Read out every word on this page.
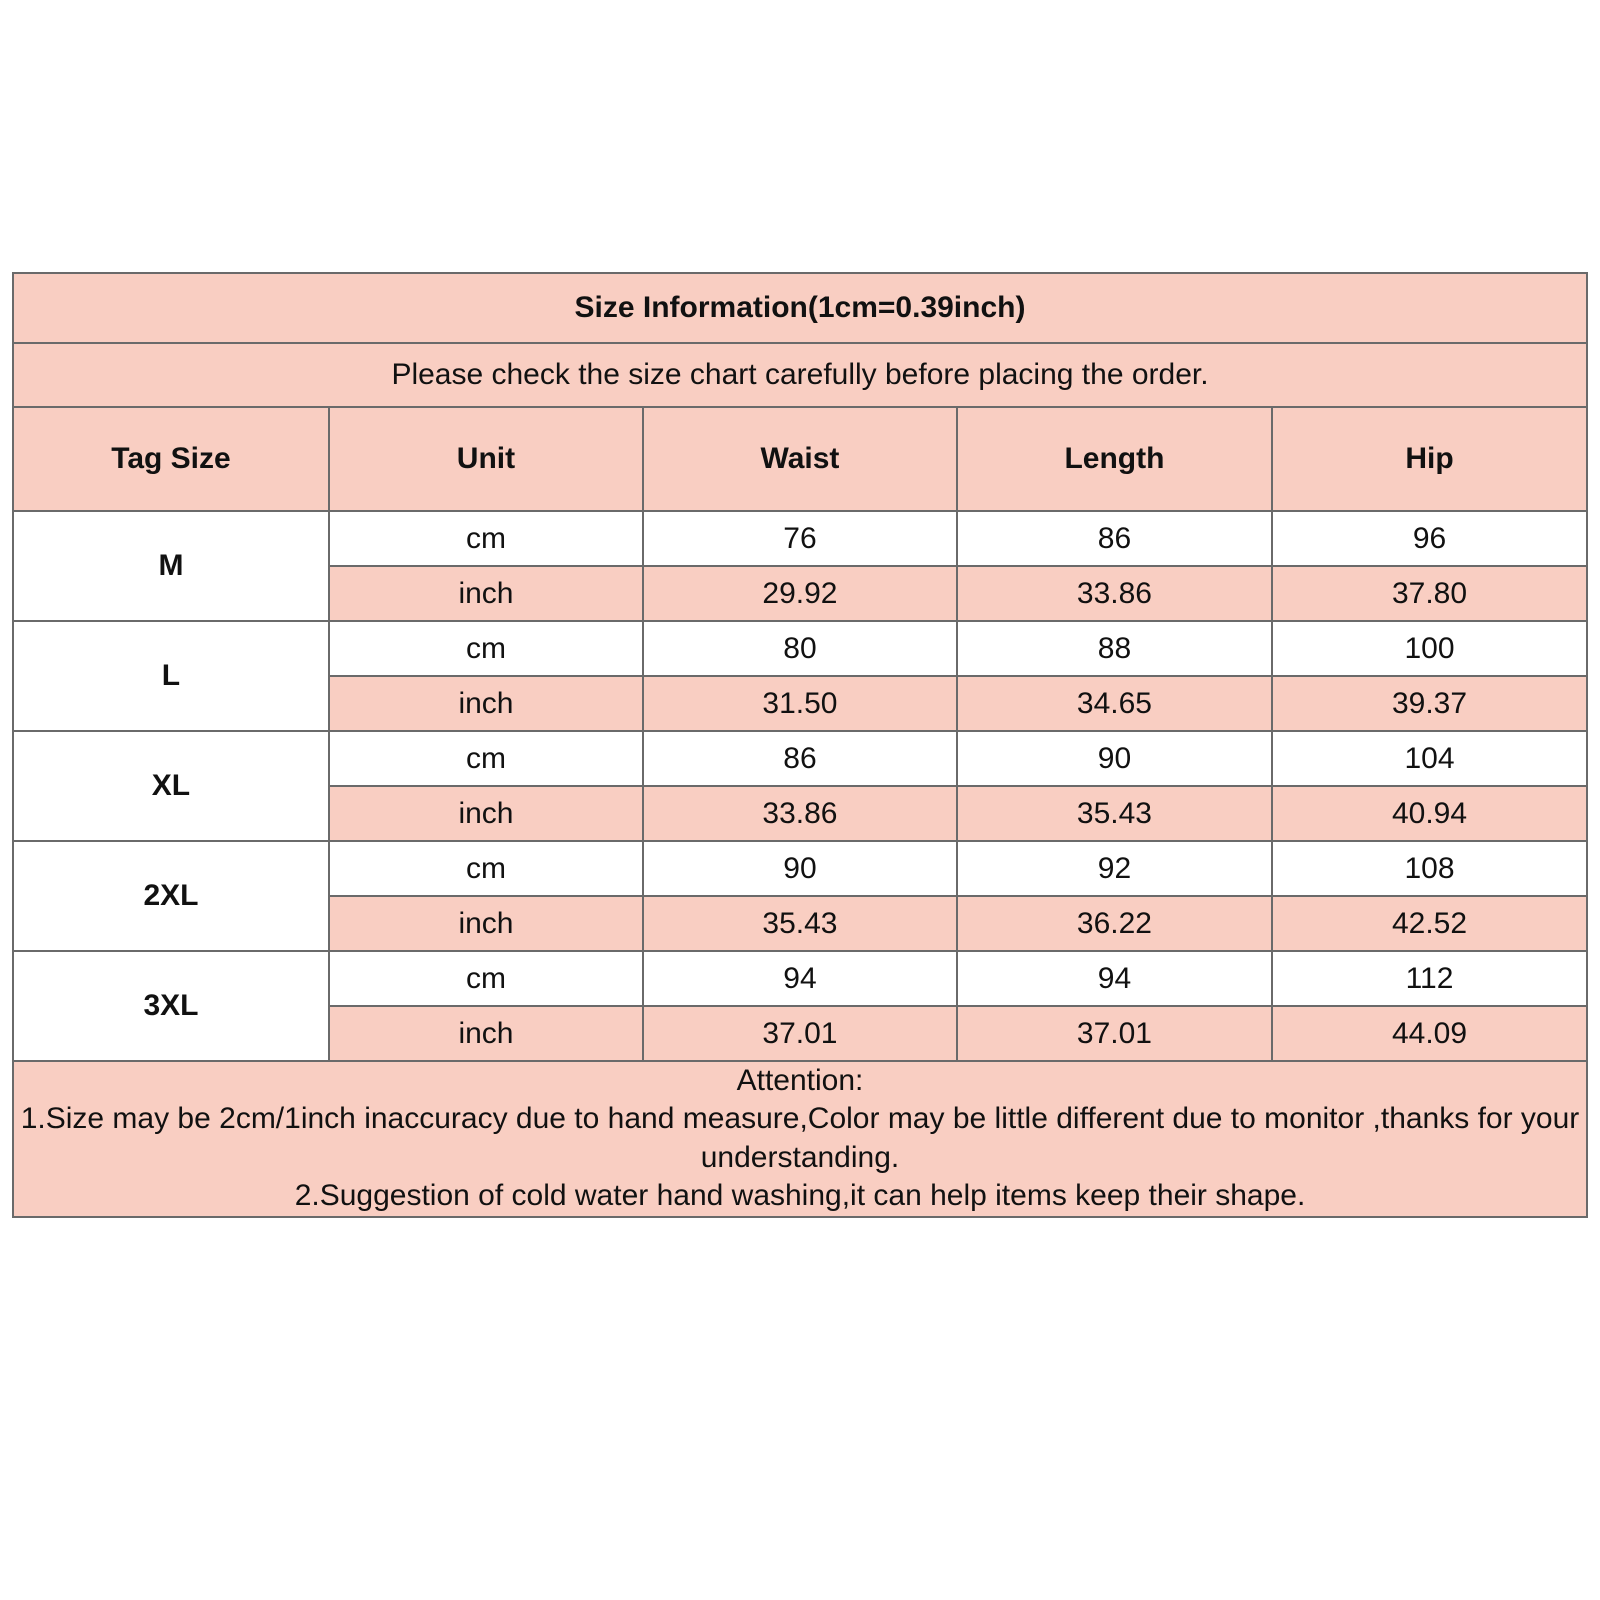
Size Information(1cm=0.39inch)				
Please check the size chart carefully before placing the order.				
Tag Size	Unit	Waist	Length	Hip
M	cm	76	86	96
	inch	29.92	33.86	37.80
L	cm	80	88	100
	inch	31.50	34.65	39.37
XL	cm	86	90	104
	inch	33.86	35.43	40.94
2XL	cm	90	92	108
	inch	35.43	36.22	42.52
3XL	cm	94	94	112
	inch	37.01	37.01	44.09

Attention:

1.Size may be 2cm/1inch inaccuracy due to hand measure,Color may be little different due to monitor ,thanks for your understanding.

2.Suggestion of cold water hand washing,it can help items keep their shape.				
